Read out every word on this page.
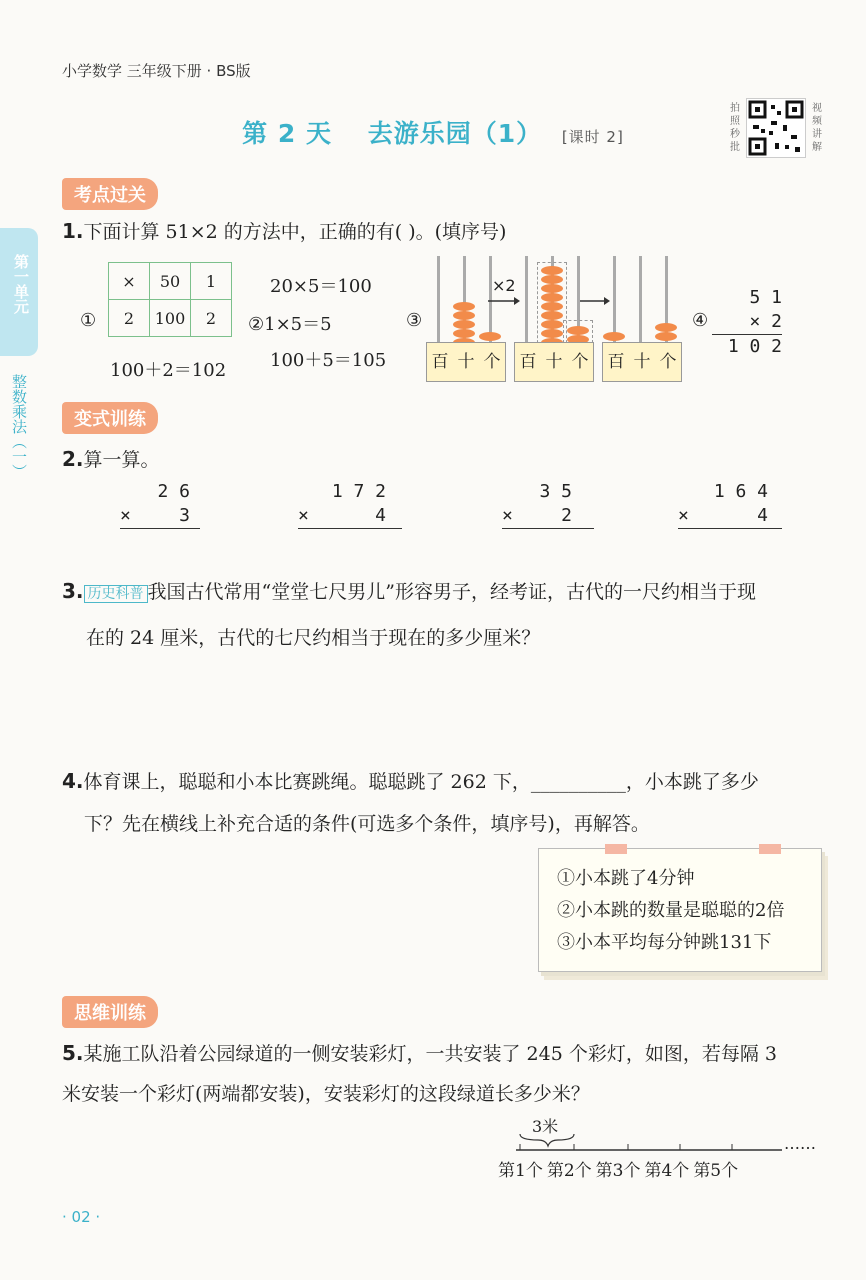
小学数学 三年级下册 · BS版
第 2 天 去游乐园（1） [课时 2]
拍照秒批
视频讲解
第一单元
整数乘法（一）
考点过关
1.下面计算 51×2 的方法中，正确的有( )。(填序号)
①
×	50	1
2	100	2
100＋2＝102
20×5＝100
②1×5＝5
100＋5＝105
③
百 十 个
×2
百 十 个 百 十 个
④
5 1
× 2
1 0 2
变式训练
2.算一算。
2 6
×	3
1 7 2
×	4
3 5
×	2
1 6 4
×	4
3. 历史科普 我国古代常用“堂堂七尺男儿”形容男子，经考证，古代的一尺约相当于现
在的 24 厘米，古代的七尺约相当于现在的多少厘米？
4.体育课上，聪聪和小本比赛跳绳。聪聪跳了 262 下，__________，小本跳了多少
下？先在横线上补充合适的条件(可选多个条件，填序号)，再解答。
①小本跳了4分钟
②小本跳的数量是聪聪的2倍
③小本平均每分钟跳131下
思维训练
5.某施工队沿着公园绿道的一侧安装彩灯，一共安装了 245 个彩灯，如图，若每隔 3
米安装一个彩灯(两端都安装)，安装彩灯的这段绿道长多少米？
3米
……
第1个 第2个 第3个 第4个 第5个
· 02 ·
